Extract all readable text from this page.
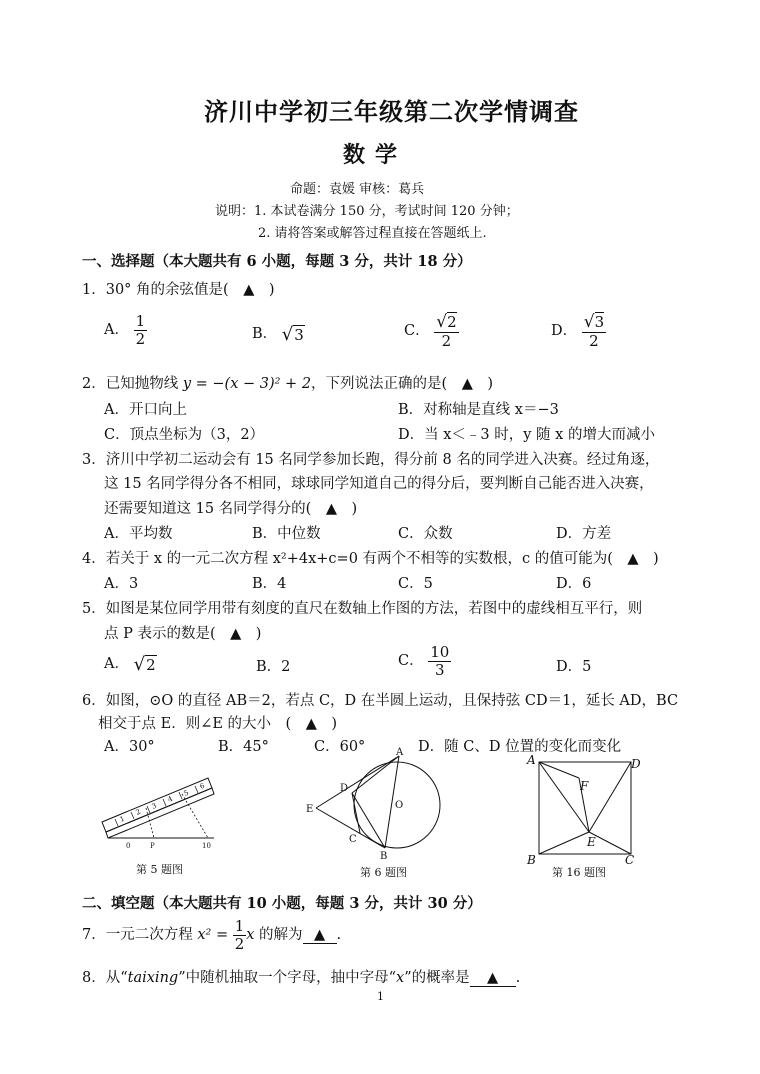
济川中学初三年级第二次学情调查
数学
命题：袁媛 审核：葛兵
说明：1. 本试卷满分 150 分，考试时间 120 分钟；
2. 请将答案或解答过程直接在答题纸上.
一、选择题（本大题共有 6 小题，每题 3 分，共计 18 分）
1．30° 角的余弦值是(　▲　)
A． $\frac{1}{2}$	B． √3	C． $\frac{√2}{2}$	D． $\frac{√3}{2}$
2．已知抛物线 y = −(x − 3)² + 2，下列说法正确的是(　▲　)
A．开口向上	B．对称轴是直线 x＝−3
C．顶点坐标为（3，2）	D．当 x＜﹣3 时，y 随 x 的增大而减小
3．济川中学初二运动会有 15 名同学参加长跑，得分前 8 名的同学进入决赛。经过角逐，
这 15 名同学得分各不相同，球球同学知道自己的得分后，要判断自己能否进入决赛，
还需要知道这 15 名同学得分的(　▲　)
A．平均数	B．中位数	C．众数	D．方差
4．若关于 x 的一元二次方程 x²+4x+c=0 有两个不相等的实数根，c 的值可能为(　▲　)
A．3	B．4	C．5	D．6
5．如图是某位同学用带有刻度的直尺在数轴上作图的方法，若图中的虚线相互平行，则
点 P 表示的数是(　▲　)
A． √2	B．2	C． $\frac{10}{3}$	D．5
6．如图，⊙O 的直径 AB＝2，若点 C，D 在半圆上运动，且保持弦 CD＝1，延长 AD，BC
相交于点 E．则∠E 的大小　(　▲　)
A．30°	B．45°	C．60°	D．随 C、D 位置的变化而变化
1
2
3
4
5
6
0	P	10
第 5 题图
A
D
E	O
C
B
第 6 题图
A	D
F
E
B	C
第 16 题图
二、填空题（本大题共有 10 小题，每题 3 分，共计 30 分）
7．一元二次方程 $x^2 = \frac{1}{2}$ x 的解为 ▲ .
8．从“taixing”中随机抽取一个字母，抽中字母“x”的概率是 ▲ .
1
